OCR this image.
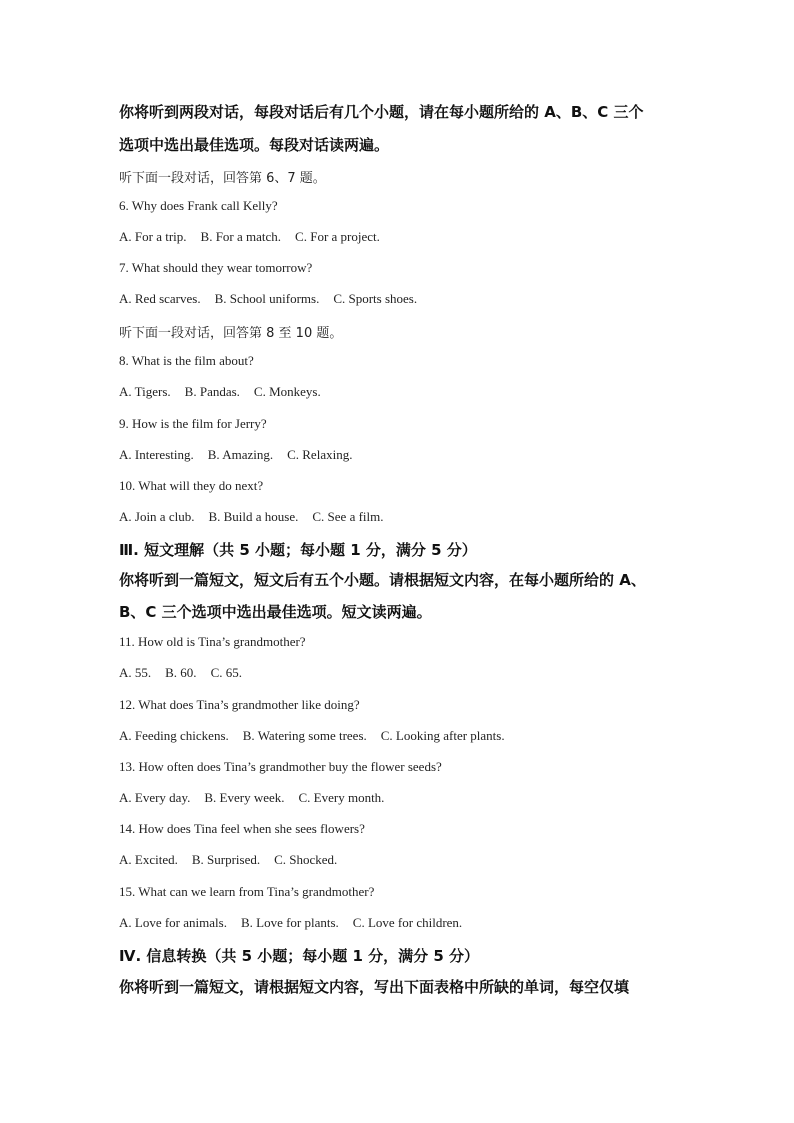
你将听到两段对话，每段对话后有几个小题，请在每小题所给的 A、B、C 三个
选项中选出最佳选项。每段对话读两遍。
听下面一段对话，回答第 6、7 题。
6. Why does Frank call Kelly?
A. For a trip. B. For a match. C. For a project.
7. What should they wear tomorrow?
A. Red scarves. B. School uniforms. C. Sports shoes.
听下面一段对话，回答第 8 至 10 题。
8. What is the film about?
A. Tigers. B. Pandas. C. Monkeys.
9. How is the film for Jerry?
A. Interesting. B. Amazing. C. Relaxing.
10. What will they do next?
A. Join a club. B. Build a house. C. See a film.
Ⅲ. 短文理解（共 5 小题；每小题 1 分，满分 5 分）
你将听到一篇短文，短文后有五个小题。请根据短文内容，在每小题所给的 A、
B、C 三个选项中选出最佳选项。短文读两遍。
11. How old is Tina’s grandmother?
A. 55. B. 60. C. 65.
12. What does Tina’s grandmother like doing?
A. Feeding chickens. B. Watering some trees. C. Looking after plants.
13. How often does Tina’s grandmother buy the flower seeds?
A. Every day. B. Every week. C. Every month.
14. How does Tina feel when she sees flowers?
A. Excited. B. Surprised. C. Shocked.
15. What can we learn from Tina’s grandmother?
A. Love for animals. B. Love for plants. C. Love for children.
Ⅳ. 信息转换（共 5 小题；每小题 1 分，满分 5 分）
你将听到一篇短文，请根据短文内容，写出下面表格中所缺的单词，每空仅填
